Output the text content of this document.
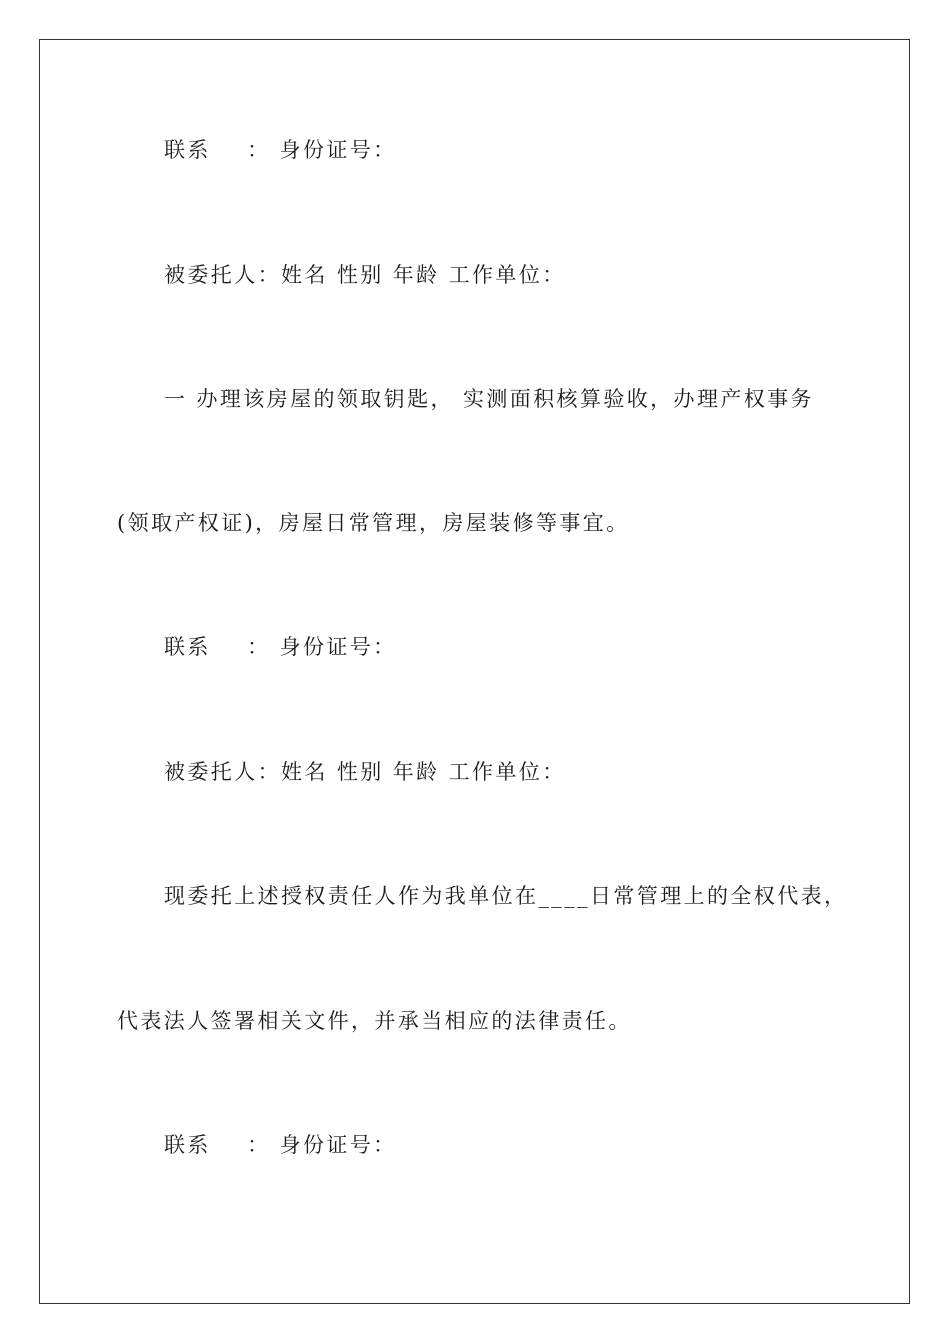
联系    ： 身份证号：
被委托人：姓名 性别 年龄 工作单位：
一 办理该房屋的领取钥匙， 实测面积核算验收，办理产权事务
(领取产权证)，房屋日常管理，房屋装修等事宜。
联系    ： 身份证号：
被委托人：姓名 性别 年龄 工作单位：
现委托上述授权责任人作为我单位在____日常管理上的全权代表，
代表法人签署相关文件，并承当相应的法律责任。
联系    ： 身份证号：
